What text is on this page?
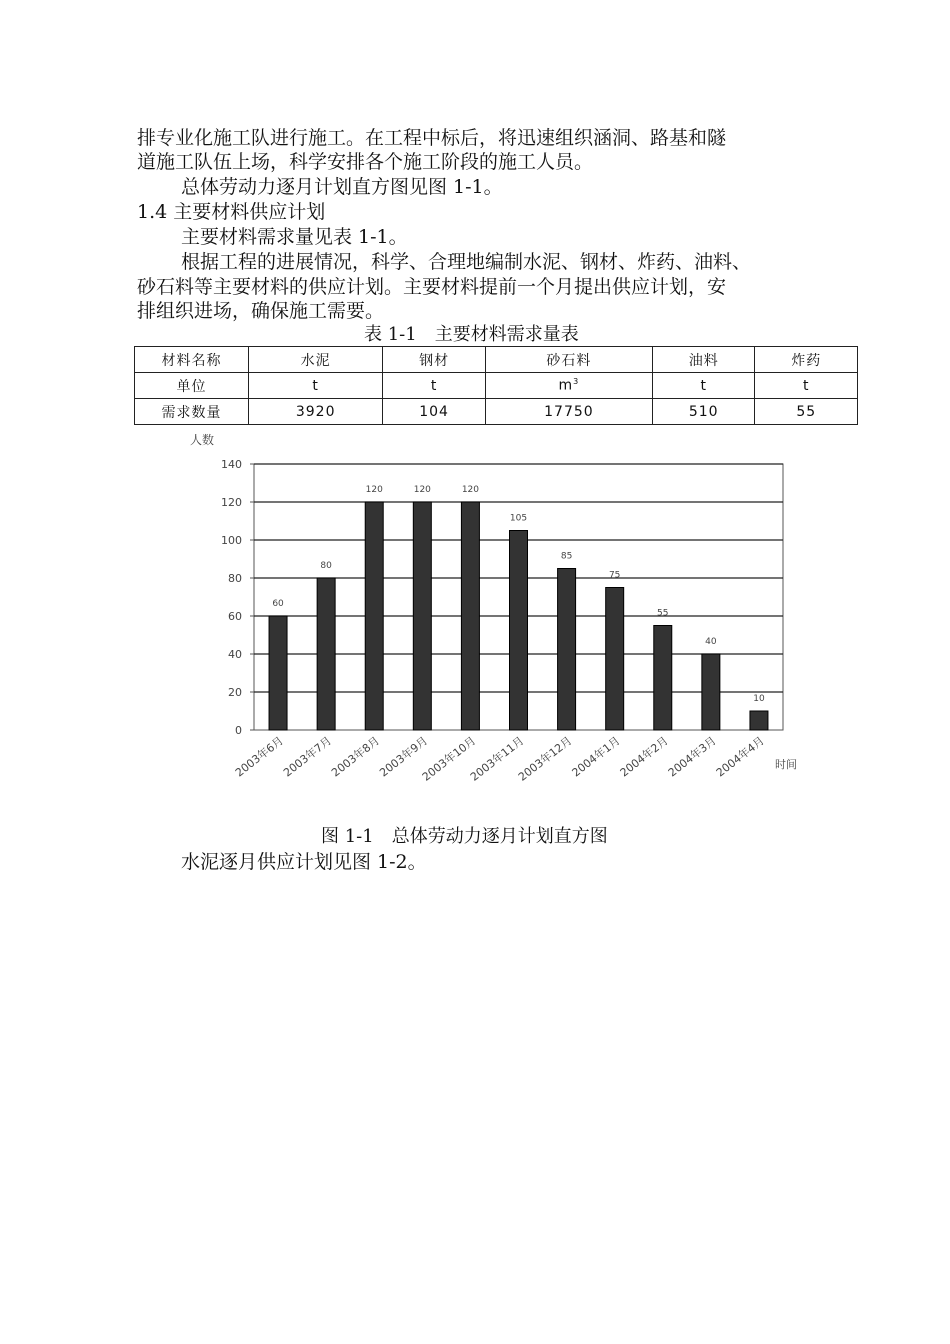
排专业化施工队进行施工。在工程中标后，将迅速组织涵洞、路基和隧

道施工队伍上场，科学安排各个施工阶段的施工人员。

总体劳动力逐月计划直方图见图 1-1。

1.4 主要材料供应计划

主要材料需求量见表 1-1。

根据工程的进展情况，科学、合理地编制水泥、钢材、炸药、油料、

砂石料等主要材料的供应计划。主要材料提前一个月提出供应计划，安

排组织进场，确保施工需要。

表 1-1　主要材料需求量表
材料名称	水泥	钢材	砂石料	油料	炸药
单位	t	t	$m^3$	t	t
需求数量	3920	104	17750	510	55
0
20
40
60
80
100
120
140
人数
60
2003年6月
80
2003年7月
120
2003年8月
120
2003年9月
120
2003年10月
105
2003年11月
85
2003年12月
75
2004年1月
55
2004年2月
40
2004年3月
10
2004年4月 时间
图 1-1　总体劳动力逐月计划直方图

水泥逐月供应计划见图 1-2。
